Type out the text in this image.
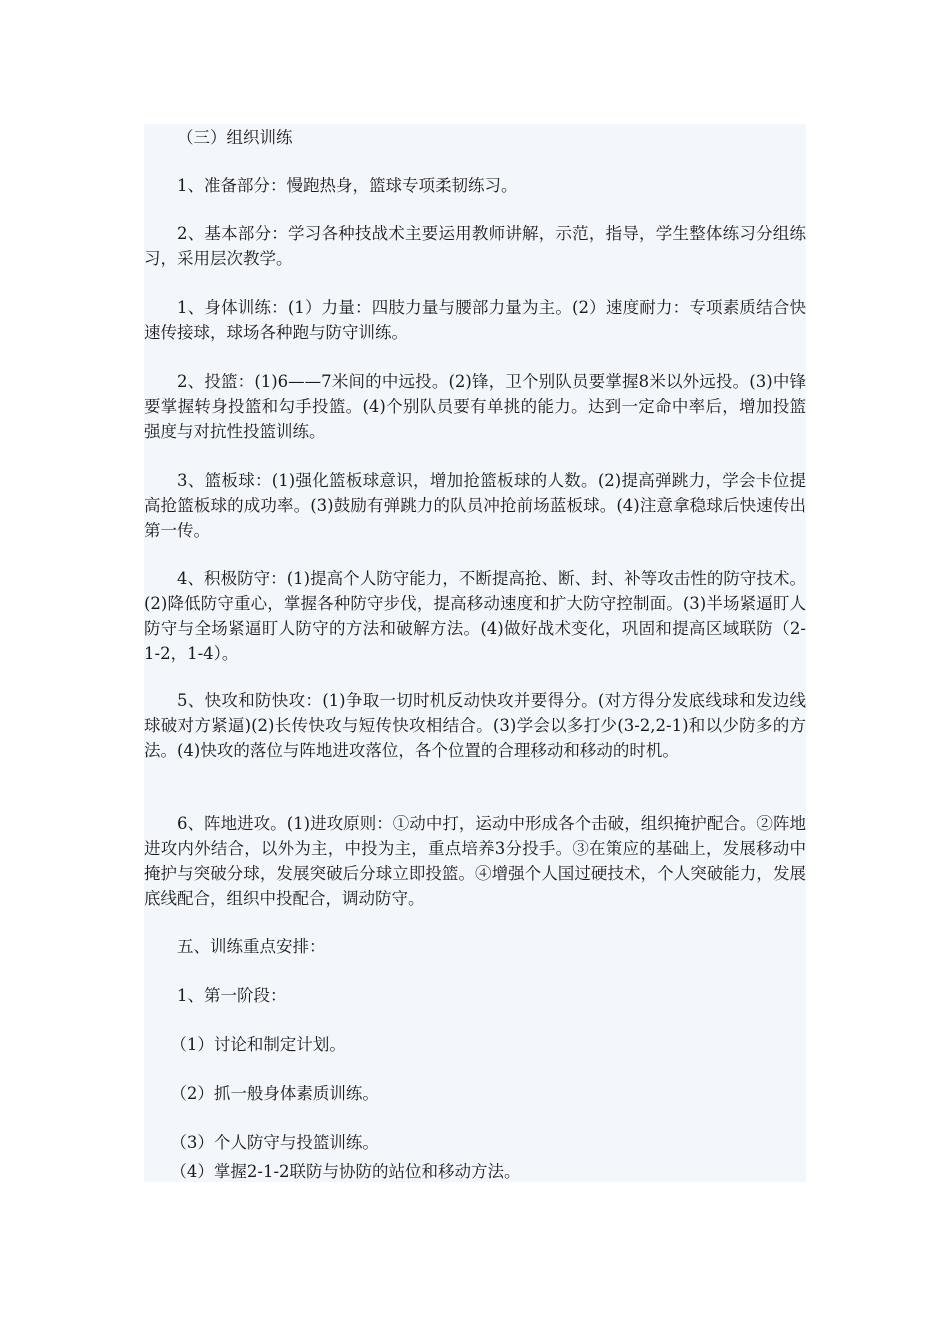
（三）组织训练

1、准备部分：慢跑热身，篮球专项柔韧练习。

2、基本部分：学习各种技战术主要运用教师讲解，示范，指导，学生整体练习分组练习，采用层次教学。

1、身体训练：(1）力量：四肢力量与腰部力量为主。(2）速度耐力：专项素质结合快速传接球，球场各种跑与防守训练。

2、投篮：(1)6——7米间的中远投。(2)锋，卫个别队员要掌握8米以外远投。(3)中锋要掌握转身投篮和勾手投篮。(4)个别队员要有单挑的能力。达到一定命中率后，增加投篮强度与对抗性投篮训练。

3、篮板球：(1)强化篮板球意识，增加抢篮板球的人数。(2)提高弹跳力，学会卡位提高抢篮板球的成功率。(3)鼓励有弹跳力的队员冲抢前场蓝板球。(4)注意拿稳球后快速传出第一传。

4、积极防守：(1)提高个人防守能力，不断提高抢、断、封、补等攻击性的防守技术。(2)降低防守重心，掌握各种防守步伐，提高移动速度和扩大防守控制面。(3)半场紧逼盯人防守与全场紧逼盯人防守的方法和破解方法。(4)做好战术变化，巩固和提高区域联防（2-1-2，1-4）。

5、快攻和防快攻：(1)争取一切时机反动快攻并要得分。(对方得分发底线球和发边线球破对方紧逼)(2)长传快攻与短传快攻相结合。(3)学会以多打少(3-2,2-1)和以少防多的方法。(4)快攻的落位与阵地进攻落位，各个位置的合理移动和移动的时机。

6、阵地进攻。(1)进攻原则：①动中打，运动中形成各个击破，组织掩护配合。②阵地进攻内外结合，以外为主，中投为主，重点培养3分投手。③在策应的基础上，发展移动中掩护与突破分球，发展突破后分球立即投篮。④增强个人国过硬技术，个人突破能力，发展底线配合，组织中投配合，调动防守。

五、训练重点安排：

1、第一阶段：

（1）讨论和制定计划。

（2）抓一般身体素质训练。

（3）个人防守与投篮训练。

（4）掌握2-1-2联防与协防的站位和移动方法。
